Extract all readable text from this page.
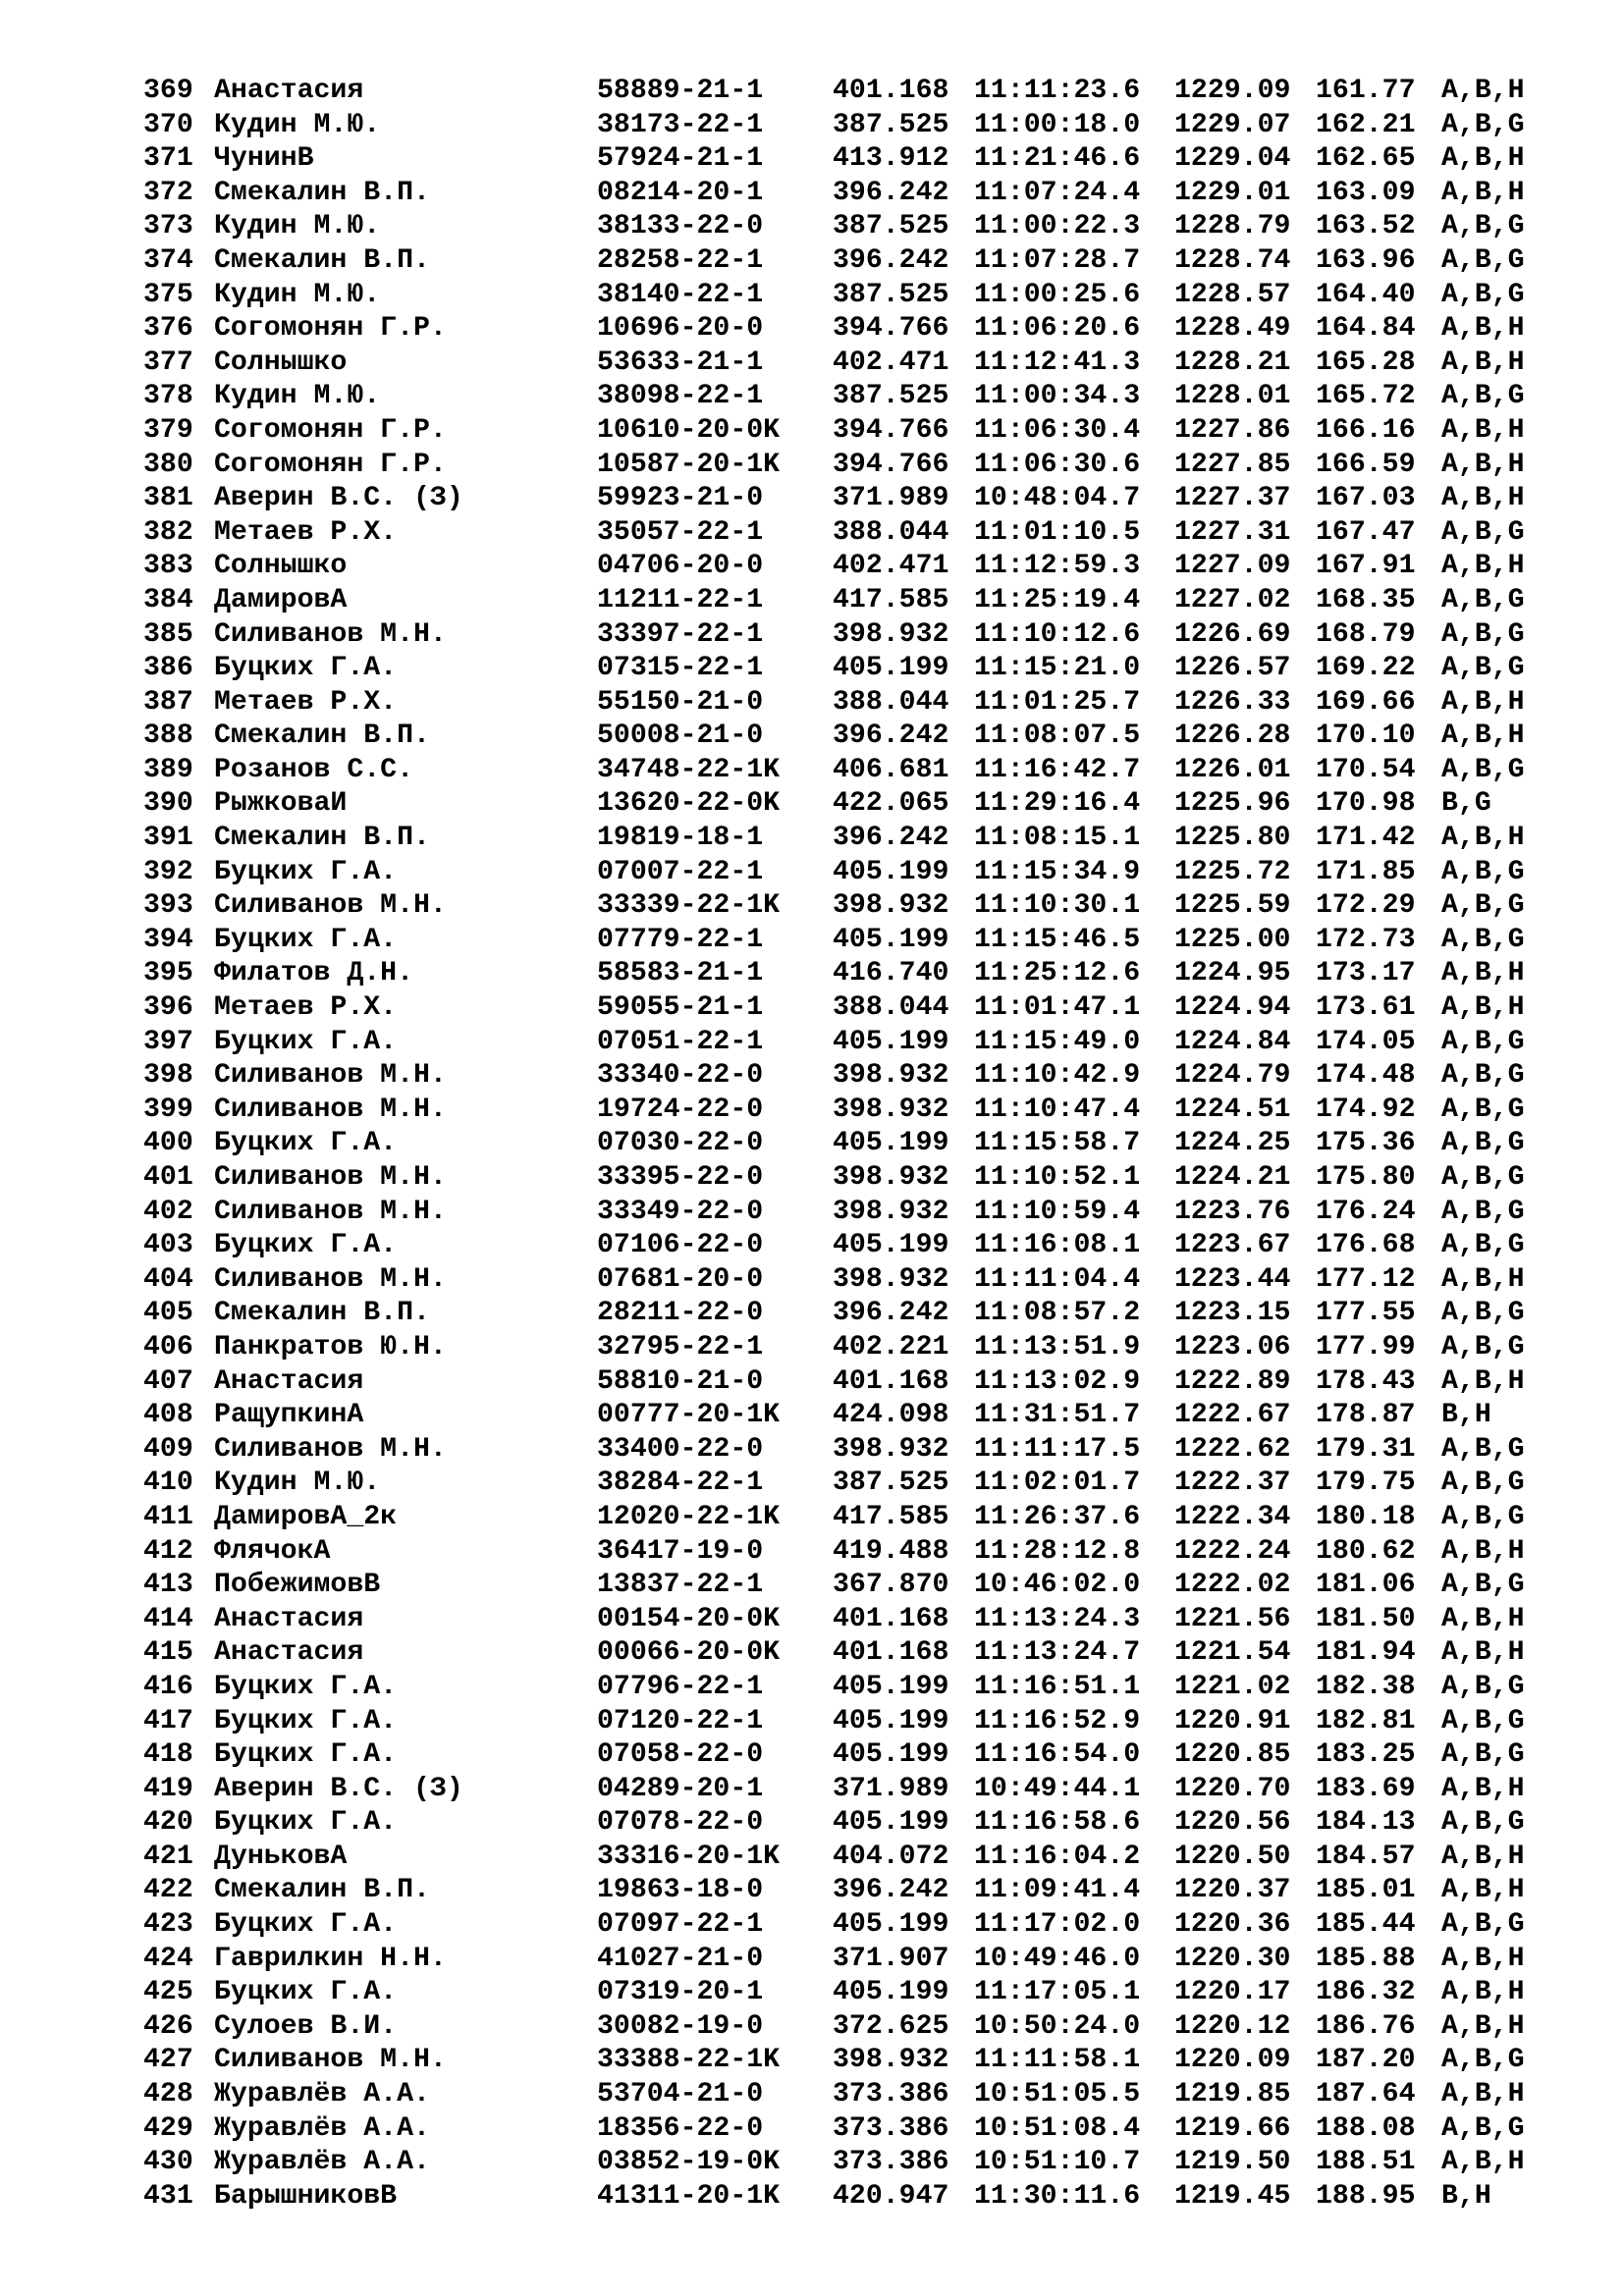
369 Анастасия	58889-21-1	401.168 11:11:23.6 1229.09 161.77 A,B,H
370 Кудин М.Ю.	38173-22-1	387.525 11:00:18.0 1229.07 162.21 A,B,G
371 ЧунинВ	57924-21-1	413.912 11:21:46.6 1229.04 162.65 A,B,H
372 Смекалин В.П.	08214-20-1	396.242 11:07:24.4 1229.01 163.09 A,B,H
373 Кудин М.Ю.	38133-22-0	387.525 11:00:22.3 1228.79 163.52 A,B,G
374 Смекалин В.П.	28258-22-1	396.242 11:07:28.7 1228.74 163.96 A,B,G
375 Кудин М.Ю.	38140-22-1	387.525 11:00:25.6 1228.57 164.40 A,B,G
376 Согомонян Г.Р.	10696-20-0	394.766 11:06:20.6 1228.49 164.84 A,B,H
377 Солнышко	53633-21-1	402.471 11:12:41.3 1228.21 165.28 A,B,H
378 Кудин М.Ю.	38098-22-1	387.525 11:00:34.3 1228.01 165.72 A,B,G
379 Согомонян Г.Р.	10610-20-0K 394.766 11:06:30.4 1227.86 166.16 A,B,H
380 Согомонян Г.Р.	10587-20-1K 394.766 11:06:30.6 1227.85 166.59 A,B,H
381 Аверин В.С. (З)	59923-21-0	371.989 10:48:04.7 1227.37 167.03 A,B,H
382 Метаев Р.Х.	35057-22-1	388.044 11:01:10.5 1227.31 167.47 A,B,G
383 Солнышко	04706-20-0	402.471 11:12:59.3 1227.09 167.91 A,B,H
384 ДамировА	11211-22-1	417.585 11:25:19.4 1227.02 168.35 A,B,G
385 Силиванов М.Н.	33397-22-1	398.932 11:10:12.6 1226.69 168.79 A,B,G
386 Буцких Г.А.	07315-22-1	405.199 11:15:21.0 1226.57 169.22 A,B,G
387 Метаев Р.Х.	55150-21-0	388.044 11:01:25.7 1226.33 169.66 A,B,H
388 Смекалин В.П.	50008-21-0	396.242 11:08:07.5 1226.28 170.10 A,B,H
389 Розанов С.С.	34748-22-1K 406.681 11:16:42.7 1226.01 170.54 A,B,G
390 РыжковаИ	13620-22-0K 422.065 11:29:16.4 1225.96 170.98 B,G
391 Смекалин В.П.	19819-18-1	396.242 11:08:15.1 1225.80 171.42 A,B,H
392 Буцких Г.А.	07007-22-1	405.199 11:15:34.9 1225.72 171.85 A,B,G
393 Силиванов М.Н.	33339-22-1K 398.932 11:10:30.1 1225.59 172.29 A,B,G
394 Буцких Г.А.	07779-22-1	405.199 11:15:46.5 1225.00 172.73 A,B,G
395 Филатов Д.Н.	58583-21-1	416.740 11:25:12.6 1224.95 173.17 A,B,H
396 Метаев Р.Х.	59055-21-1	388.044 11:01:47.1 1224.94 173.61 A,B,H
397 Буцких Г.А.	07051-22-1	405.199 11:15:49.0 1224.84 174.05 A,B,G
398 Силиванов М.Н.	33340-22-0	398.932 11:10:42.9 1224.79 174.48 A,B,G
399 Силиванов М.Н.	19724-22-0	398.932 11:10:47.4 1224.51 174.92 A,B,G
400 Буцких Г.А.	07030-22-0	405.199 11:15:58.7 1224.25 175.36 A,B,G
401 Силиванов М.Н.	33395-22-0	398.932 11:10:52.1 1224.21 175.80 A,B,G
402 Силиванов М.Н.	33349-22-0	398.932 11:10:59.4 1223.76 176.24 A,B,G
403 Буцких Г.А.	07106-22-0	405.199 11:16:08.1 1223.67 176.68 A,B,G
404 Силиванов М.Н.	07681-20-0	398.932 11:11:04.4 1223.44 177.12 A,B,H
405 Смекалин В.П.	28211-22-0	396.242 11:08:57.2 1223.15 177.55 A,B,G
406 Панкратов Ю.Н.	32795-22-1	402.221 11:13:51.9 1223.06 177.99 A,B,G
407 Анастасия	58810-21-0	401.168 11:13:02.9 1222.89 178.43 A,B,H
408 РащупкинА	00777-20-1K 424.098 11:31:51.7 1222.67 178.87 B,H
409 Силиванов М.Н.	33400-22-0	398.932 11:11:17.5 1222.62 179.31 A,B,G
410 Кудин М.Ю.	38284-22-1	387.525 11:02:01.7 1222.37 179.75 A,B,G
411 ДамировА_2к	12020-22-1K 417.585 11:26:37.6 1222.34 180.18 A,B,G
412 ФлячокА	36417-19-0	419.488 11:28:12.8 1222.24 180.62 A,B,H
413 ПобежимовВ	13837-22-1	367.870 10:46:02.0 1222.02 181.06 A,B,G
414 Анастасия	00154-20-0K 401.168 11:13:24.3 1221.56 181.50 A,B,H
415 Анастасия	00066-20-0K 401.168 11:13:24.7 1221.54 181.94 A,B,H
416 Буцких Г.А.	07796-22-1	405.199 11:16:51.1 1221.02 182.38 A,B,G
417 Буцких Г.А.	07120-22-1	405.199 11:16:52.9 1220.91 182.81 A,B,G
418 Буцких Г.А.	07058-22-0	405.199 11:16:54.0 1220.85 183.25 A,B,G
419 Аверин В.С. (З)	04289-20-1	371.989 10:49:44.1 1220.70 183.69 A,B,H
420 Буцких Г.А.	07078-22-0	405.199 11:16:58.6 1220.56 184.13 A,B,G
421 ДуньковА	33316-20-1K 404.072 11:16:04.2 1220.50 184.57 A,B,H
422 Смекалин В.П.	19863-18-0	396.242 11:09:41.4 1220.37 185.01 A,B,H
423 Буцких Г.А.	07097-22-1	405.199 11:17:02.0 1220.36 185.44 A,B,G
424 Гаврилкин Н.Н.	41027-21-0	371.907 10:49:46.0 1220.30 185.88 A,B,H
425 Буцких Г.А.	07319-20-1	405.199 11:17:05.1 1220.17 186.32 A,B,H
426 Сулоев В.И.	30082-19-0	372.625 10:50:24.0 1220.12 186.76 A,B,H
427 Силиванов М.Н.	33388-22-1K 398.932 11:11:58.1 1220.09 187.20 A,B,G
428 Журавлёв А.А.	53704-21-0	373.386 10:51:05.5 1219.85 187.64 A,B,H
429 Журавлёв А.А.	18356-22-0	373.386 10:51:08.4 1219.66 188.08 A,B,G
430 Журавлёв А.А.	03852-19-0K 373.386 10:51:10.7 1219.50 188.51 A,B,H
431 БарышниковВ	41311-20-1K 420.947 11:30:11.6 1219.45 188.95 B,H
